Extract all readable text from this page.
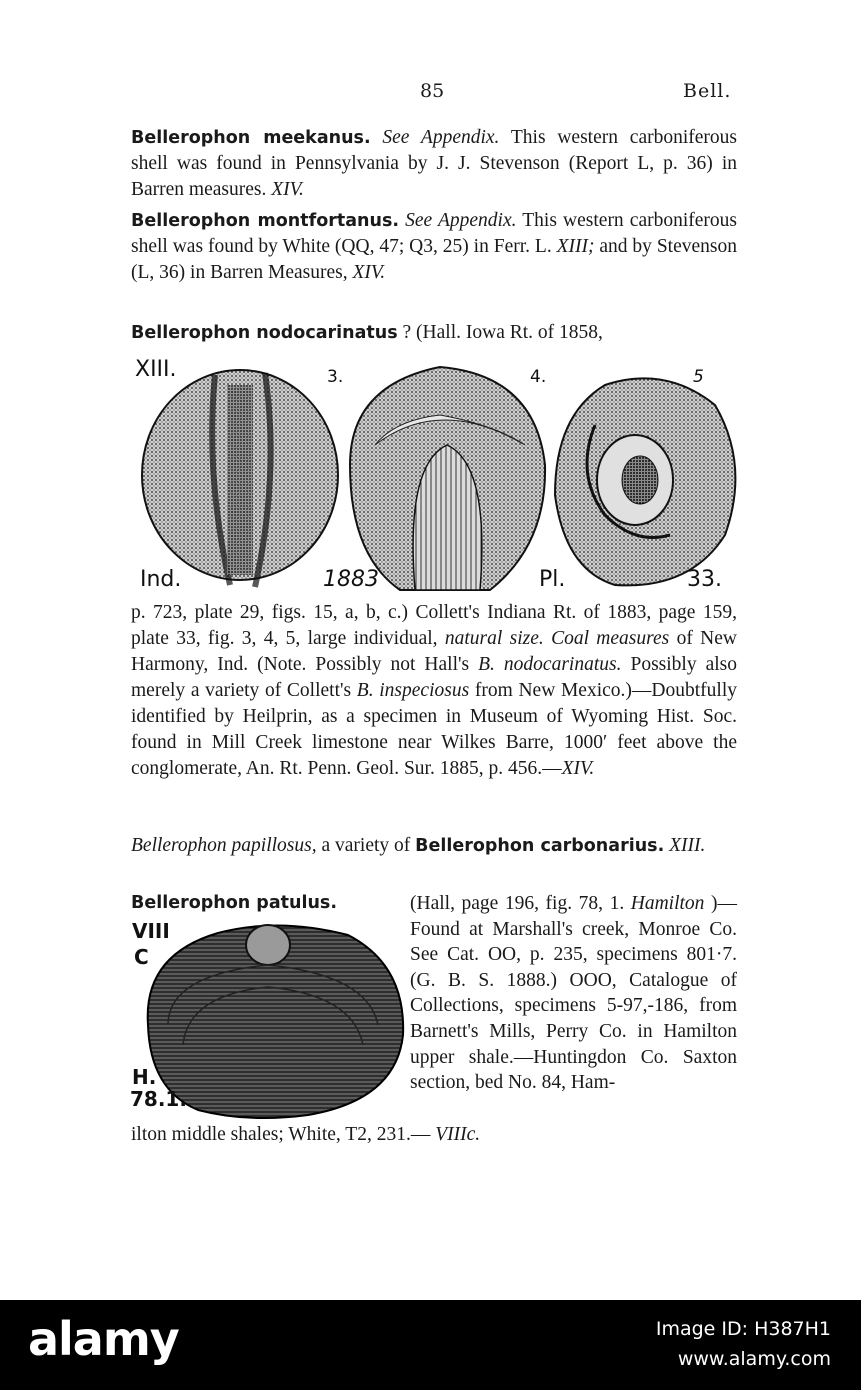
85	Bell.

Bellerophon meekanus. See Appendix. This western carboniferous shell was found in Pennsylvania by J. J. Stevenson (Report L, p. 36) in Barren measures. XIV.

Bellerophon montfortanus. See Appendix. This western carboniferous shell was found by White (QQ, 47; Q3, 25) in Ferr. L. XIII; and by Stevenson (L, 36) in Barren Measures, XIV.

Bellerophon nodocarinatus ? (Hall. Iowa Rt. of 1858,

XIII.	3.	4.	5
Ind.	1883	Pl.	33.

p. 723, plate 29, figs. 15, a, b, c.) Collett's Indiana Rt. of 1883, page 159, plate 33, fig. 3, 4, 5, large individual, natural size. Coal measures of New Harmony, Ind. (Note. Possibly not Hall's B. nodocarinatus. Possibly also merely a variety of Collett's B. inspeciosus from New Mexico.)—Doubtfully identified by Heilprin, as a specimen in Museum of Wyoming Hist. Soc. found in Mill Creek limestone near Wilkes Barre, 1000′ feet above the conglomerate, An. Rt. Penn. Geol. Sur. 1885, p. 456.—XIV.

Bellerophon papillosus, a variety of Bellerophon carbonarius. XIII.

Bellerophon patulus.

VIII
C
H.
78.1.
(Hall, page 196, fig. 78, 1. Hamilton )—Found at Marshall's creek, Monroe Co. See Cat. OO, p. 235, specimens 801·7. (G. B. S. 1888.) OOO, Catalogue of Collections, specimens 5-97,-186, from Barnett's Mills, Perry Co. in Hamilton upper shale.—Huntingdon Co. Saxton section, bed No. 84, Ham-
ilton middle shales; White, T2, 231.— VIIIc.
alamy	Image ID: H387H1
www.alamy.com
